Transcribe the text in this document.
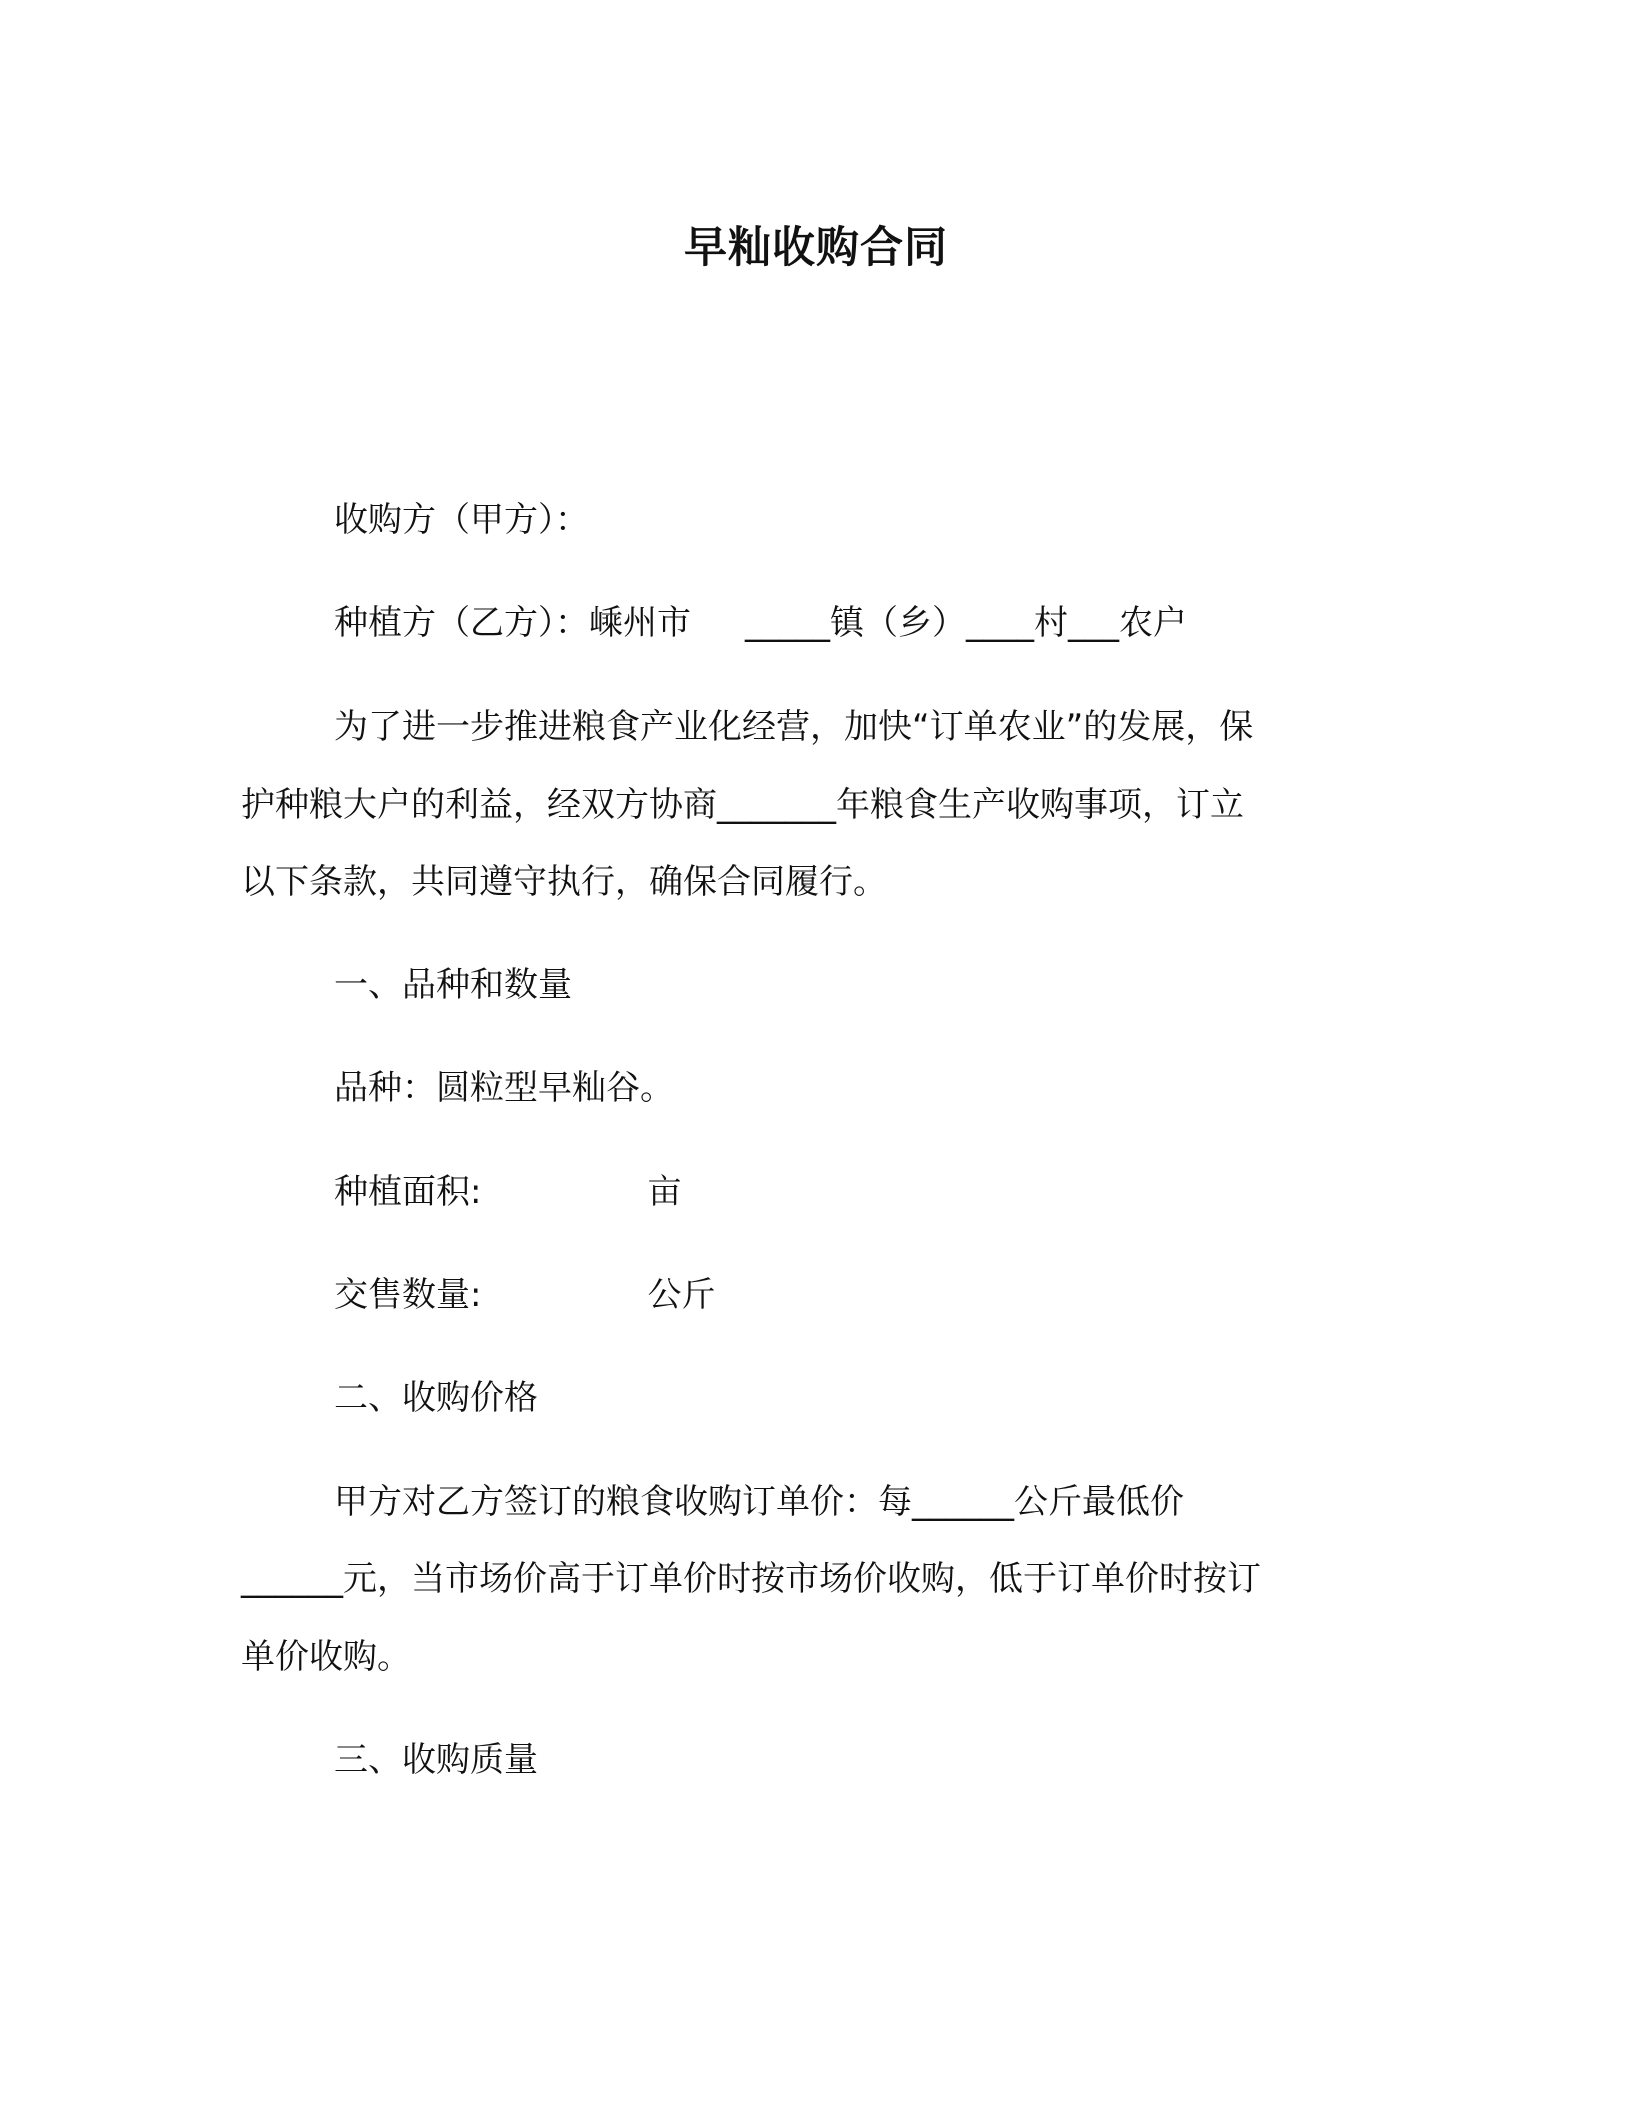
早籼收购合同
收购方（甲方）：
种植方（乙方）：嵊州市 _____镇（乡）____村___农户
为了进一步推进粮食产业化经营，加快“订单农业”的发展，保
护种粮大户的利益，经双方协商_______年粮食生产收购事项，订立
以下条款，共同遵守执行，确保合同履行。
一、品种和数量
品种：圆粒型早籼谷。
种植面积:	亩
交售数量:	公斤
二、收购价格
甲方对乙方签订的粮食收购订单价：每______公斤最低价
______元，当市场价高于订单价时按市场价收购，低于订单价时按订
单价收购。
三、收购质量
